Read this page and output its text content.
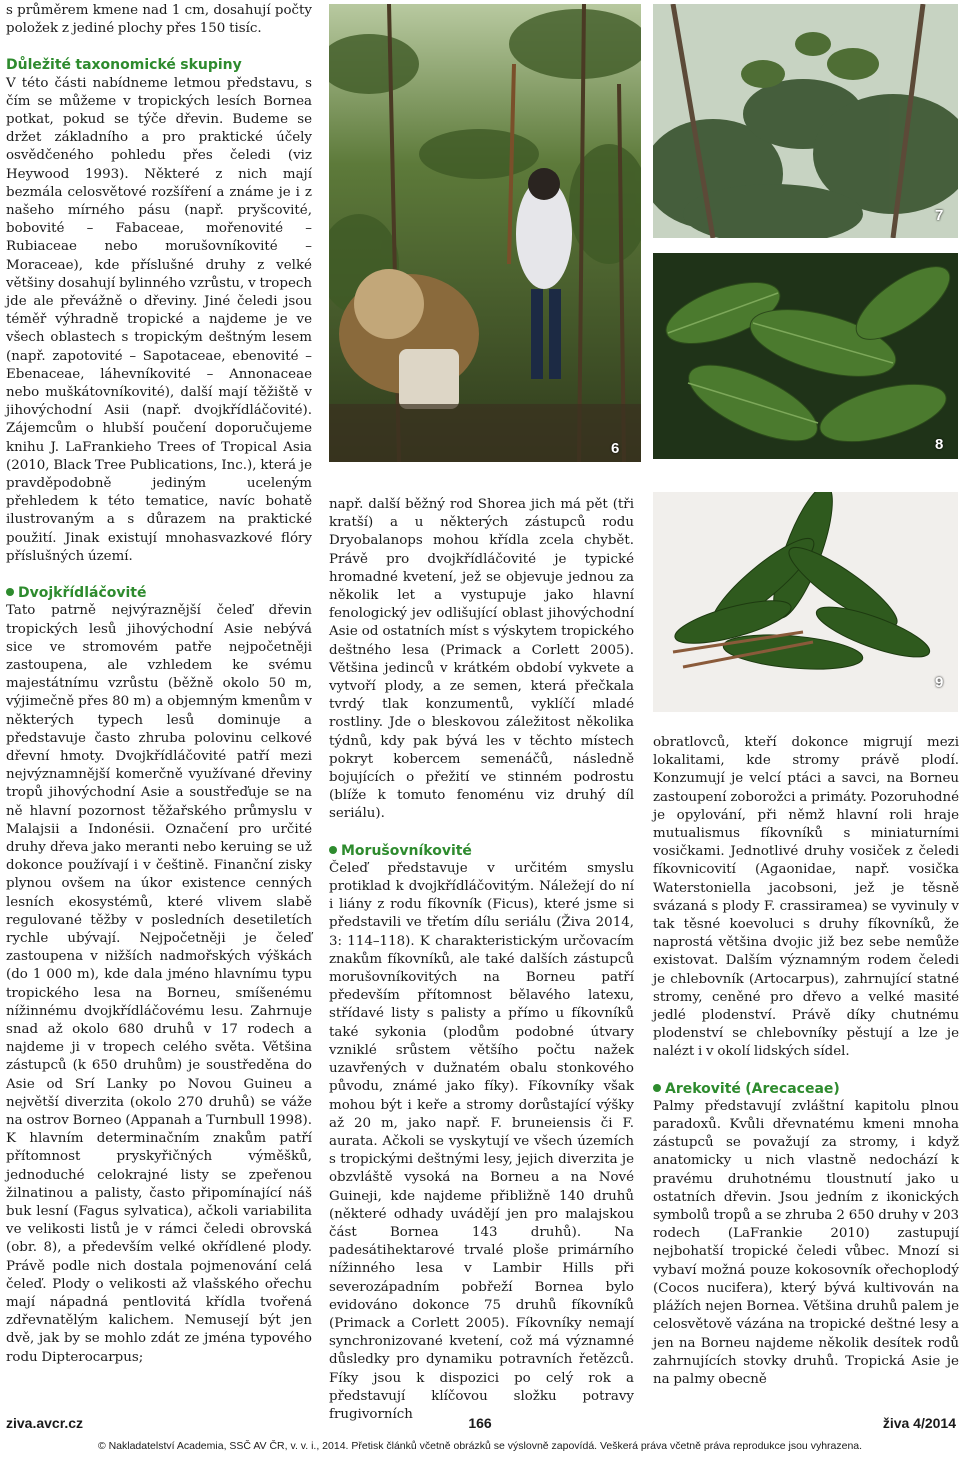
s průměrem kmene nad 1 cm, dosahují počty položek z jediné plochy přes 150 tisíc.

Důležité taxonomické skupiny

V této části nabídneme letmou představu, s čím se můžeme v tropických lesích Bornea potkat, pokud se týče dřevin. Budeme se držet základního a pro praktické účely osvědčeného pohledu přes čeledi (viz Heywood 1993). Některé z nich mají bezmála celosvětové rozšíření a známe je i z našeho mírného pásu (např. pryšcovité, bobovité – Fabaceae, mořenovité – Rubiaceae nebo morušovníkovité – Moraceae), kde příslušné druhy z velké většiny dosahují bylinného vzrůstu, v tropech jde ale převážně o dřeviny. Jiné čeledi jsou téměř výhradně tropické a najdeme je ve všech oblastech s tropickým deštným lesem (např. zapotovité – Sapotaceae, ebenovité – Ebenaceae, láhevníkovité – Annonaceae nebo muškátovníkovité), další mají těžiště v jihovýchodní Asii (např. dvojkřídláčovité). Zájemcům o hlubší poučení doporučujeme knihu J. LaFrankieho Trees of Tropical Asia (2010, Black Tree Publications, Inc.), která je pravděpodobně jediným uceleným přehledem k této tematice, navíc bohatě ilustrovaným a s důrazem na praktické použití. Jinak existují mnohasvazkové flóry příslušných území.

Dvojkřídláčovité

Tato patrně nejvýraznější čeleď dřevin tropických lesů jihovýchodní Asie nebývá sice ve stromovém patře nejpočetněji zastoupena, ale vzhledem ke svému majestátnímu vzrůstu (běžně okolo 50 m, výjimečně přes 80 m) a objemným kmenům v některých typech lesů dominuje a představuje často zhruba polovinu celkové dřevní hmoty. Dvojkřídláčovité patří mezi nejvýznamnější komerčně využívané dřeviny tropů jihovýchodní Asie a soustřeďuje se na ně hlavní pozornost těžařského průmyslu v Malajsii a Indonésii. Označení pro určité druhy dřeva jako meranti nebo keruing se už dokonce používají i v češtině. Finanční zisky plynou ovšem na úkor existence cenných lesních ekosystémů, které vlivem slabě regulované těžby v posledních desetiletích rychle ubývají. Nejpočetněji je čeleď zastoupena v nižších nadmořských výškách (do 1 000 m), kde dala jméno hlavnímu typu tropického lesa na Borneu, smíšenému nížinnému dvojkřídláčovému lesu. Zahrnuje snad až okolo 680 druhů v 17 rodech a najdeme ji v tropech celého světa. Většina zástupců (k 650 druhům) je soustředěna do Asie od Srí Lanky po Novou Guineu a největší diverzita (okolo 270 druhů) se váže na ostrov Borneo (Appanah a Turnbull 1998). K hlavním determinačním znakům patří přítomnost pryskyřičných výměšků, jednoduché celokrajné listy se zpeřenou žilnatinou a palisty, často připomínající náš buk lesní (Fagus sylvatica), ačkoli variabilita ve velikosti listů je v rámci čeledi obrovská (obr. 8), a především velké okřídlené plody. Právě podle nich dostala pojmenování celá čeleď. Plody o velikosti až vlašského ořechu mají nápadná pentlovitá křídla tvořená zdřevnatělým kalichem. Nemusejí být jen dvě, jak by se mohlo zdát ze jména typového rodu Dipterocarpus;

např. další běžný rod Shorea jich má pět (tři kratší) a u některých zástupců rodu Dryobalanops mohou křídla zcela chybět. Právě pro dvojkřídláčovité je typické hromadné kvetení, jež se objevuje jednou za několik let a vystupuje jako hlavní fenologický jev odlišující oblast jihovýchodní Asie od ostatních míst s výskytem tropického deštného lesa (Primack a Corlett 2005). Většina jedinců v krátkém období vykvete a vytvoří plody, a ze semen, která přečkala tvrdý tlak konzumentů, vyklíčí mladé rostliny. Jde o bleskovou záležitost několika týdnů, kdy pak bývá les v těchto místech pokryt kobercem semenáčů, následně bojujících o přežití ve stinném podrostu (blíže k tomuto fenoménu viz druhý díl seriálu).

Morušovníkovité

Čeleď představuje v určitém smyslu protiklad k dvojkřídláčovitým. Náležejí do ní i liány z rodu fíkovník (Ficus), které jsme si představili ve třetím dílu seriálu (Živa 2014, 3: 114–118). K charakteristickým určovacím znakům fíkovníků, ale také dalších zástupců morušovníkovitých na Borneu patří především přítomnost bělavého latexu, střídavé listy s palisty a přímo u fíkovníků také sykonia (plodům podobné útvary vzniklé srůstem většího počtu nažek uzavřených v dužnatém obalu stonkového původu, známé jako fíky). Fíkovníky však mohou být i keře a stromy dorůstající výšky až 20 m, jako např. F. bruneiensis či F. aurata. Ačkoli se vyskytují ve všech územích s tropickými deštnými lesy, jejich diverzita je obzvláště vysoká na Borneu a na Nové Guineji, kde najdeme přibližně 140 druhů (některé odhady uvádějí jen pro malajskou část Bornea 143 druhů). Na padesátihektarové trvalé ploše primárního nížinného lesa v Lambir Hills při severozápadním pobřeží Bornea bylo evidováno dokonce 75 druhů fíkovníků (Primack a Corlett 2005). Fíkovníky nemají synchronizované kvetení, což má významné důsledky pro dynamiku potravních řetězců. Fíky jsou k dispozici po celý rok a představují klíčovou složku potravy frugivorních

obratlovců, kteří dokonce migrují mezi lokalitami, kde stromy právě plodí. Konzumují je velcí ptáci a savci, na Borneu zastoupení zoborožci a primáty. Pozoruhodné je opylování, při němž hlavní roli hraje mutualismus fíkovníků s miniaturními vosičkami. Jednotlivé druhy vosiček z čeledi fíkovnicovití (Agaonidae, např. vosička Waterstoniella jacobsoni, jež je těsně svázaná s plody F. crassiramea) se vyvinuly v tak těsné koevoluci s druhy fíkovníků, že naprostá většina dvojic již bez sebe nemůže existovat. Dalším významným rodem čeledi je chlebovník (Artocarpus), zahrnující statné stromy, ceněné pro dřevo a velké masité jedlé plodenství. Právě díky chutnému plodenství se chlebovníky pěstují a lze je nalézt i v okolí lidských sídel.

Arekovité (Arecaceae)

Palmy představují zvláštní kapitolu plnou paradoxů. Kvůli dřevnatému kmeni mnoha zástupců se považují za stromy, i když anatomicky u nich vlastně nedochází k pravému druhotnému tloustnutí jako u ostatních dřevin. Jsou jedním z ikonických symbolů tropů a se zhruba 2 650 druhy v 203 rodech (LaFrankie 2010) zastupují nejbohatší tropické čeledi vůbec. Mnozí si vybaví možná pouze kokosovník ořechoplodý (Cocos nucifera), který bývá kultivován na plážích nejen Bornea. Většina druhů palem je celosvětově vázána na tropické deštné lesy a jen na Borneu najdeme několik desítek rodů zahrnujících stovky druhů. Tropická Asie je na palmy obecně

6
7
8
9
ziva.avcr.cz	166	živa 4/2014
© Nakladatelství Academia, SSČ AV ČR, v. v. i., 2014. Přetisk článků včetně obrázků se výslovně zapovídá. Veškerá práva včetně práva reprodukce jsou vyhrazena.
